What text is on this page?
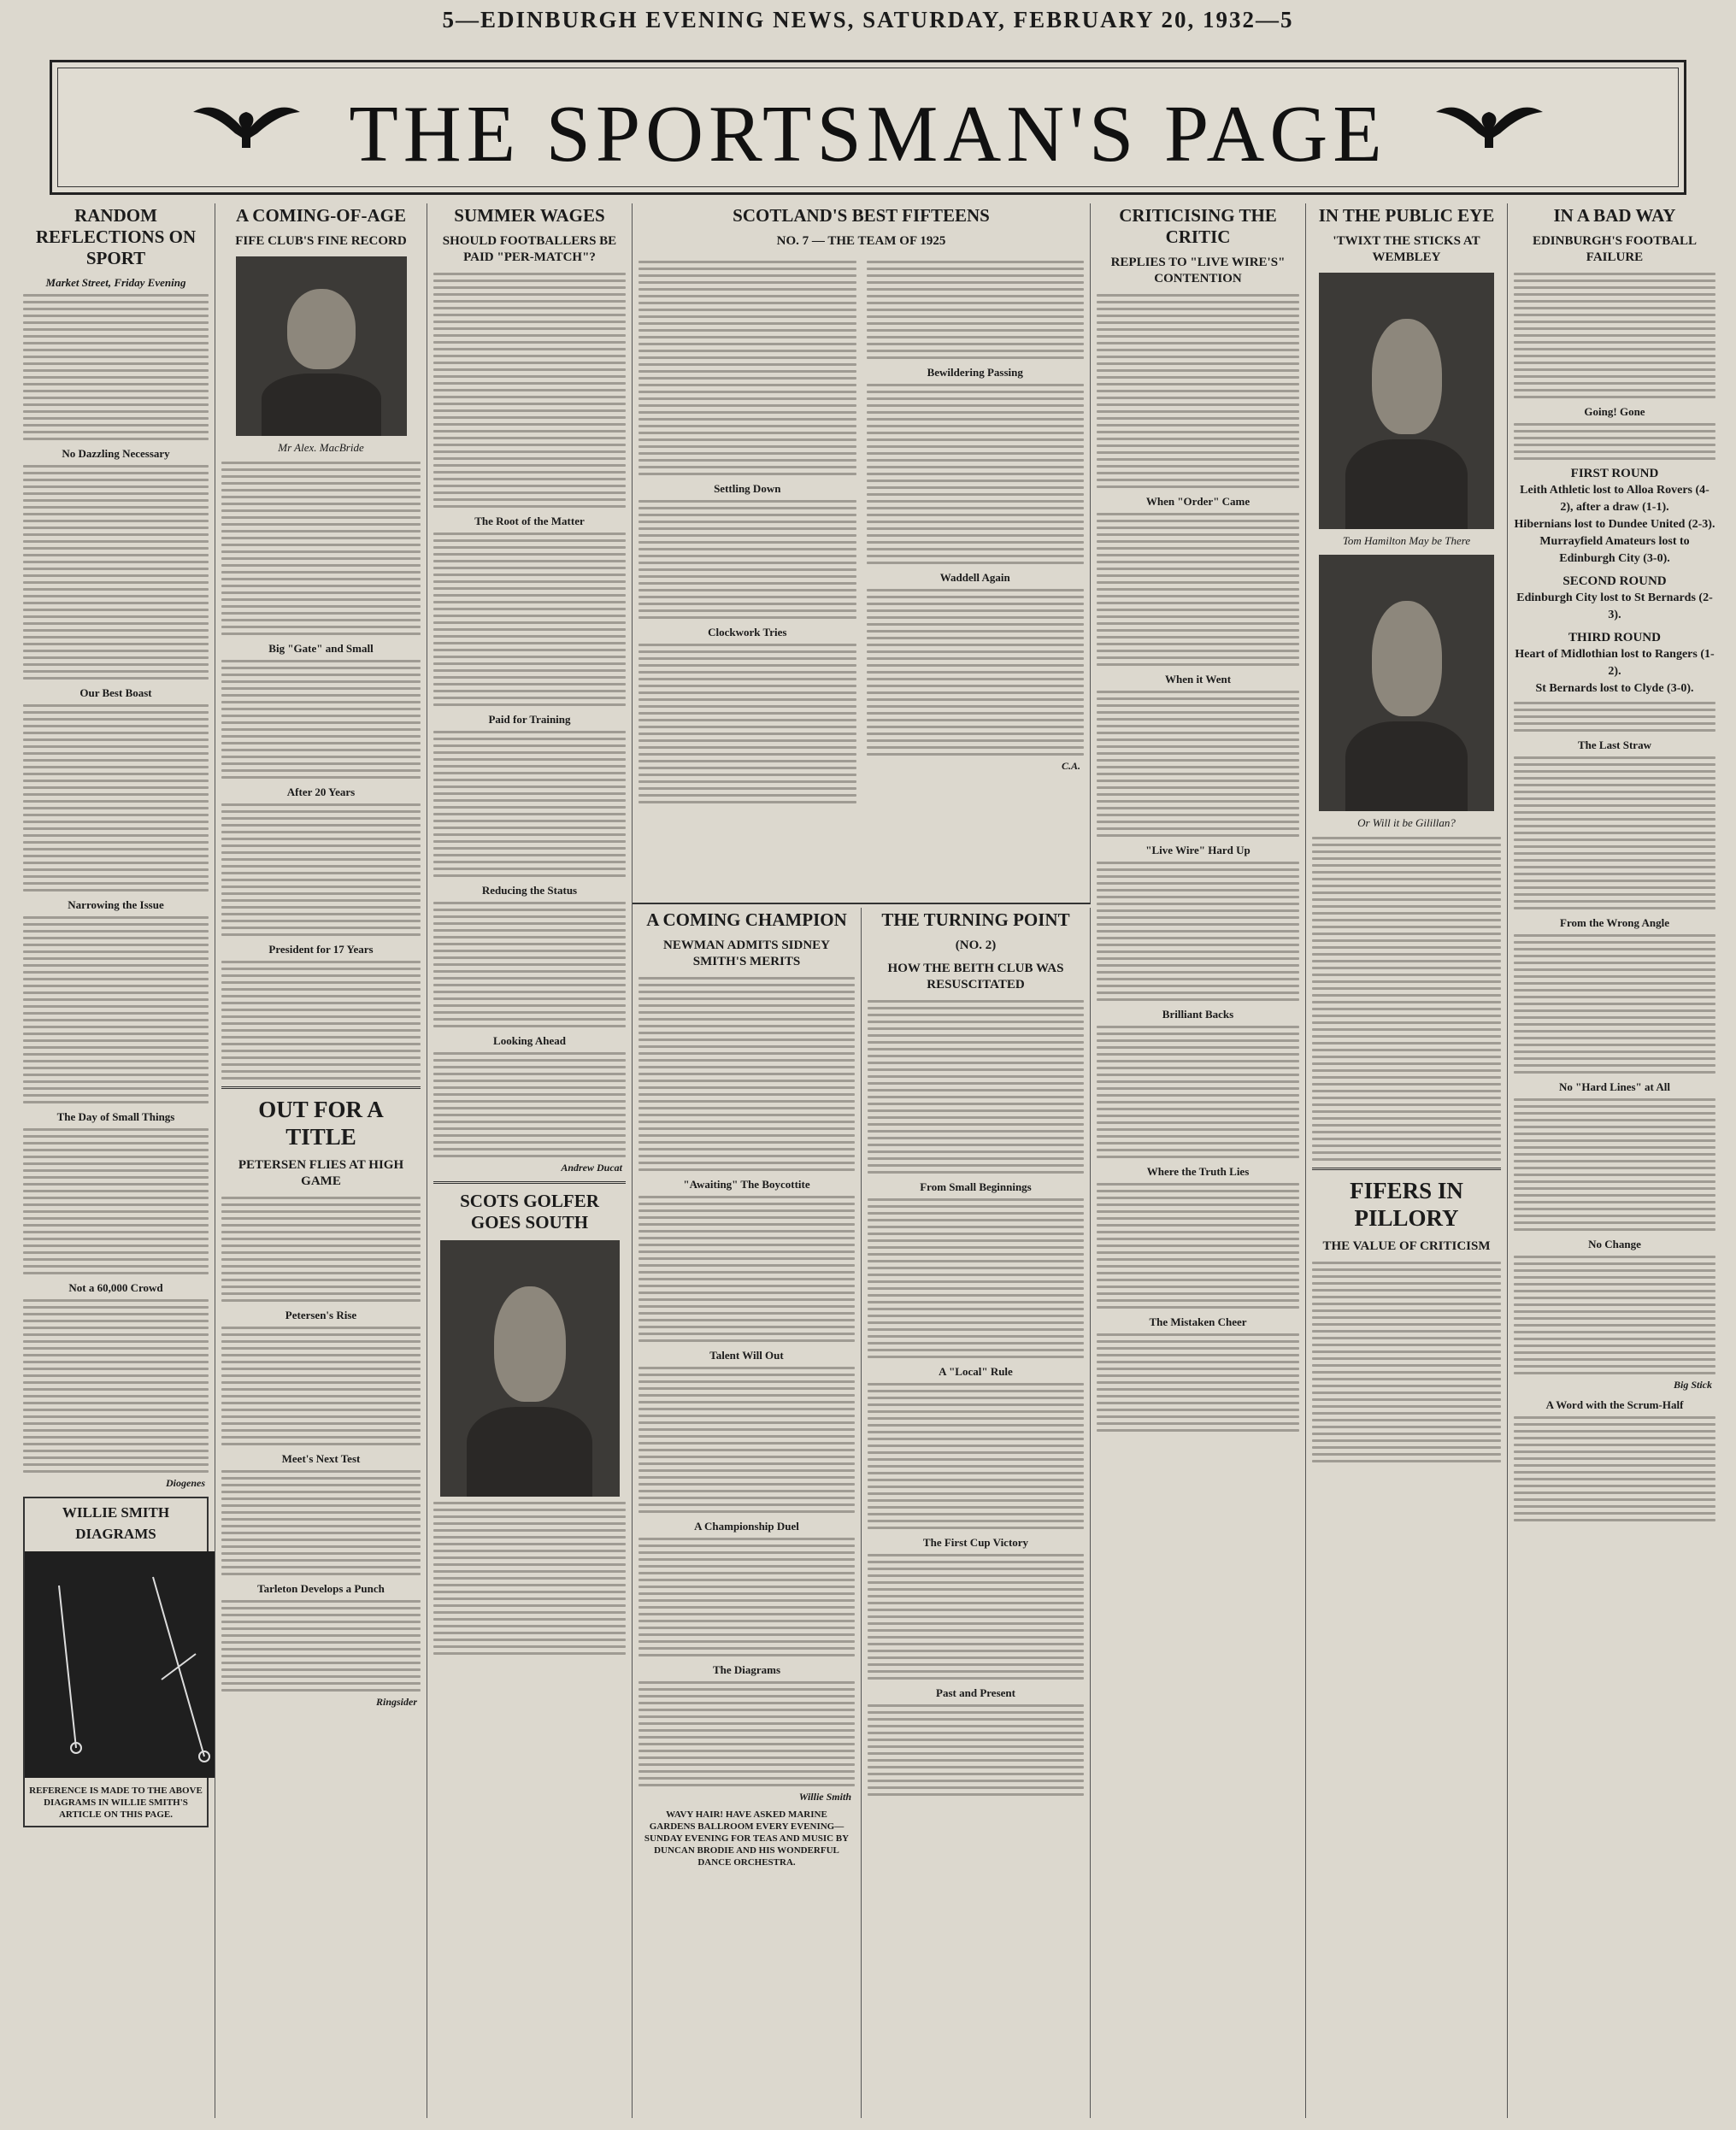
5—EDINBURGH EVENING NEWS, SATURDAY, FEBRUARY 20, 1932—5
THE SPORTSMAN'S PAGE
RANDOM REFLECTIONS ON SPORT
Market Street, Friday Evening
No Dazzling Necessary
Our Best Boast
Narrowing the Issue
The Day of Small Things
Not a 60,000 Crowd
Diogenes
WILLIE SMITH DIAGRAMS
REFERENCE IS MADE TO THE ABOVE DIAGRAMS IN WILLIE SMITH'S ARTICLE ON THIS PAGE.
A COMING-OF-AGE
FIFE CLUB'S FINE RECORD
Mr Alex. MacBride
Big "Gate" and Small
After 20 Years
President for 17 Years
OUT FOR A TITLE
PETERSEN FLIES AT HIGH GAME
Petersen's Rise
Meet's Next Test
Tarleton Develops a Punch
Ringsider
SUMMER WAGES
SHOULD FOOTBALLERS BE PAID "PER-MATCH"?
The Root of the Matter
Paid for Training
Reducing the Status
Looking Ahead
Andrew Ducat
SCOTS GOLFER GOES SOUTH
SCOTLAND'S BEST FIFTEENS
NO. 7 — THE TEAM OF 1925
Settling Down
Clockwork Tries
Bewildering Passing
Waddell Again
C.A.
A COMING CHAMPION
NEWMAN ADMITS SIDNEY SMITH'S MERITS
"Awaiting" The Boycottite
Talent Will Out
A Championship Duel
The Diagrams
Willie Smith
WAVY HAIR! HAVE ASKED MARINE GARDENS BALLROOM EVERY EVENING—SUNDAY EVENING FOR TEAS AND MUSIC BY DUNCAN BRODIE AND HIS WONDERFUL DANCE ORCHESTRA.
THE TURNING POINT
(NO. 2)
HOW THE BEITH CLUB WAS RESUSCITATED
From Small Beginnings
A "Local" Rule
The First Cup Victory
Past and Present
CRITICISING THE CRITIC
REPLIES TO "LIVE WIRE'S" CONTENTION
When "Order" Came
When it Went
"Live Wire" Hard Up
Brilliant Backs
Where the Truth Lies
The Mistaken Cheer
IN THE PUBLIC EYE
'TWIXT THE STICKS AT WEMBLEY
Tom Hamilton May be There
Or Will it be Gilillan?
FIFERS IN PILLORY
THE VALUE OF CRITICISM
IN A BAD WAY
EDINBURGH'S FOOTBALL FAILURE
Going! Gone
FIRST ROUND
Leith Athletic lost to Alloa Rovers (4-2), after a draw (1-1).
Hibernians lost to Dundee United (2-3).
Murrayfield Amateurs lost to Edinburgh City (3-0).
SECOND ROUND
Edinburgh City lost to St Bernards (2-3).
THIRD ROUND
Heart of Midlothian lost to Rangers (1-2).
St Bernards lost to Clyde (3-0).
The Last Straw
From the Wrong Angle
No "Hard Lines" at All
No Change
Big Stick
A Word with the Scrum-Half
